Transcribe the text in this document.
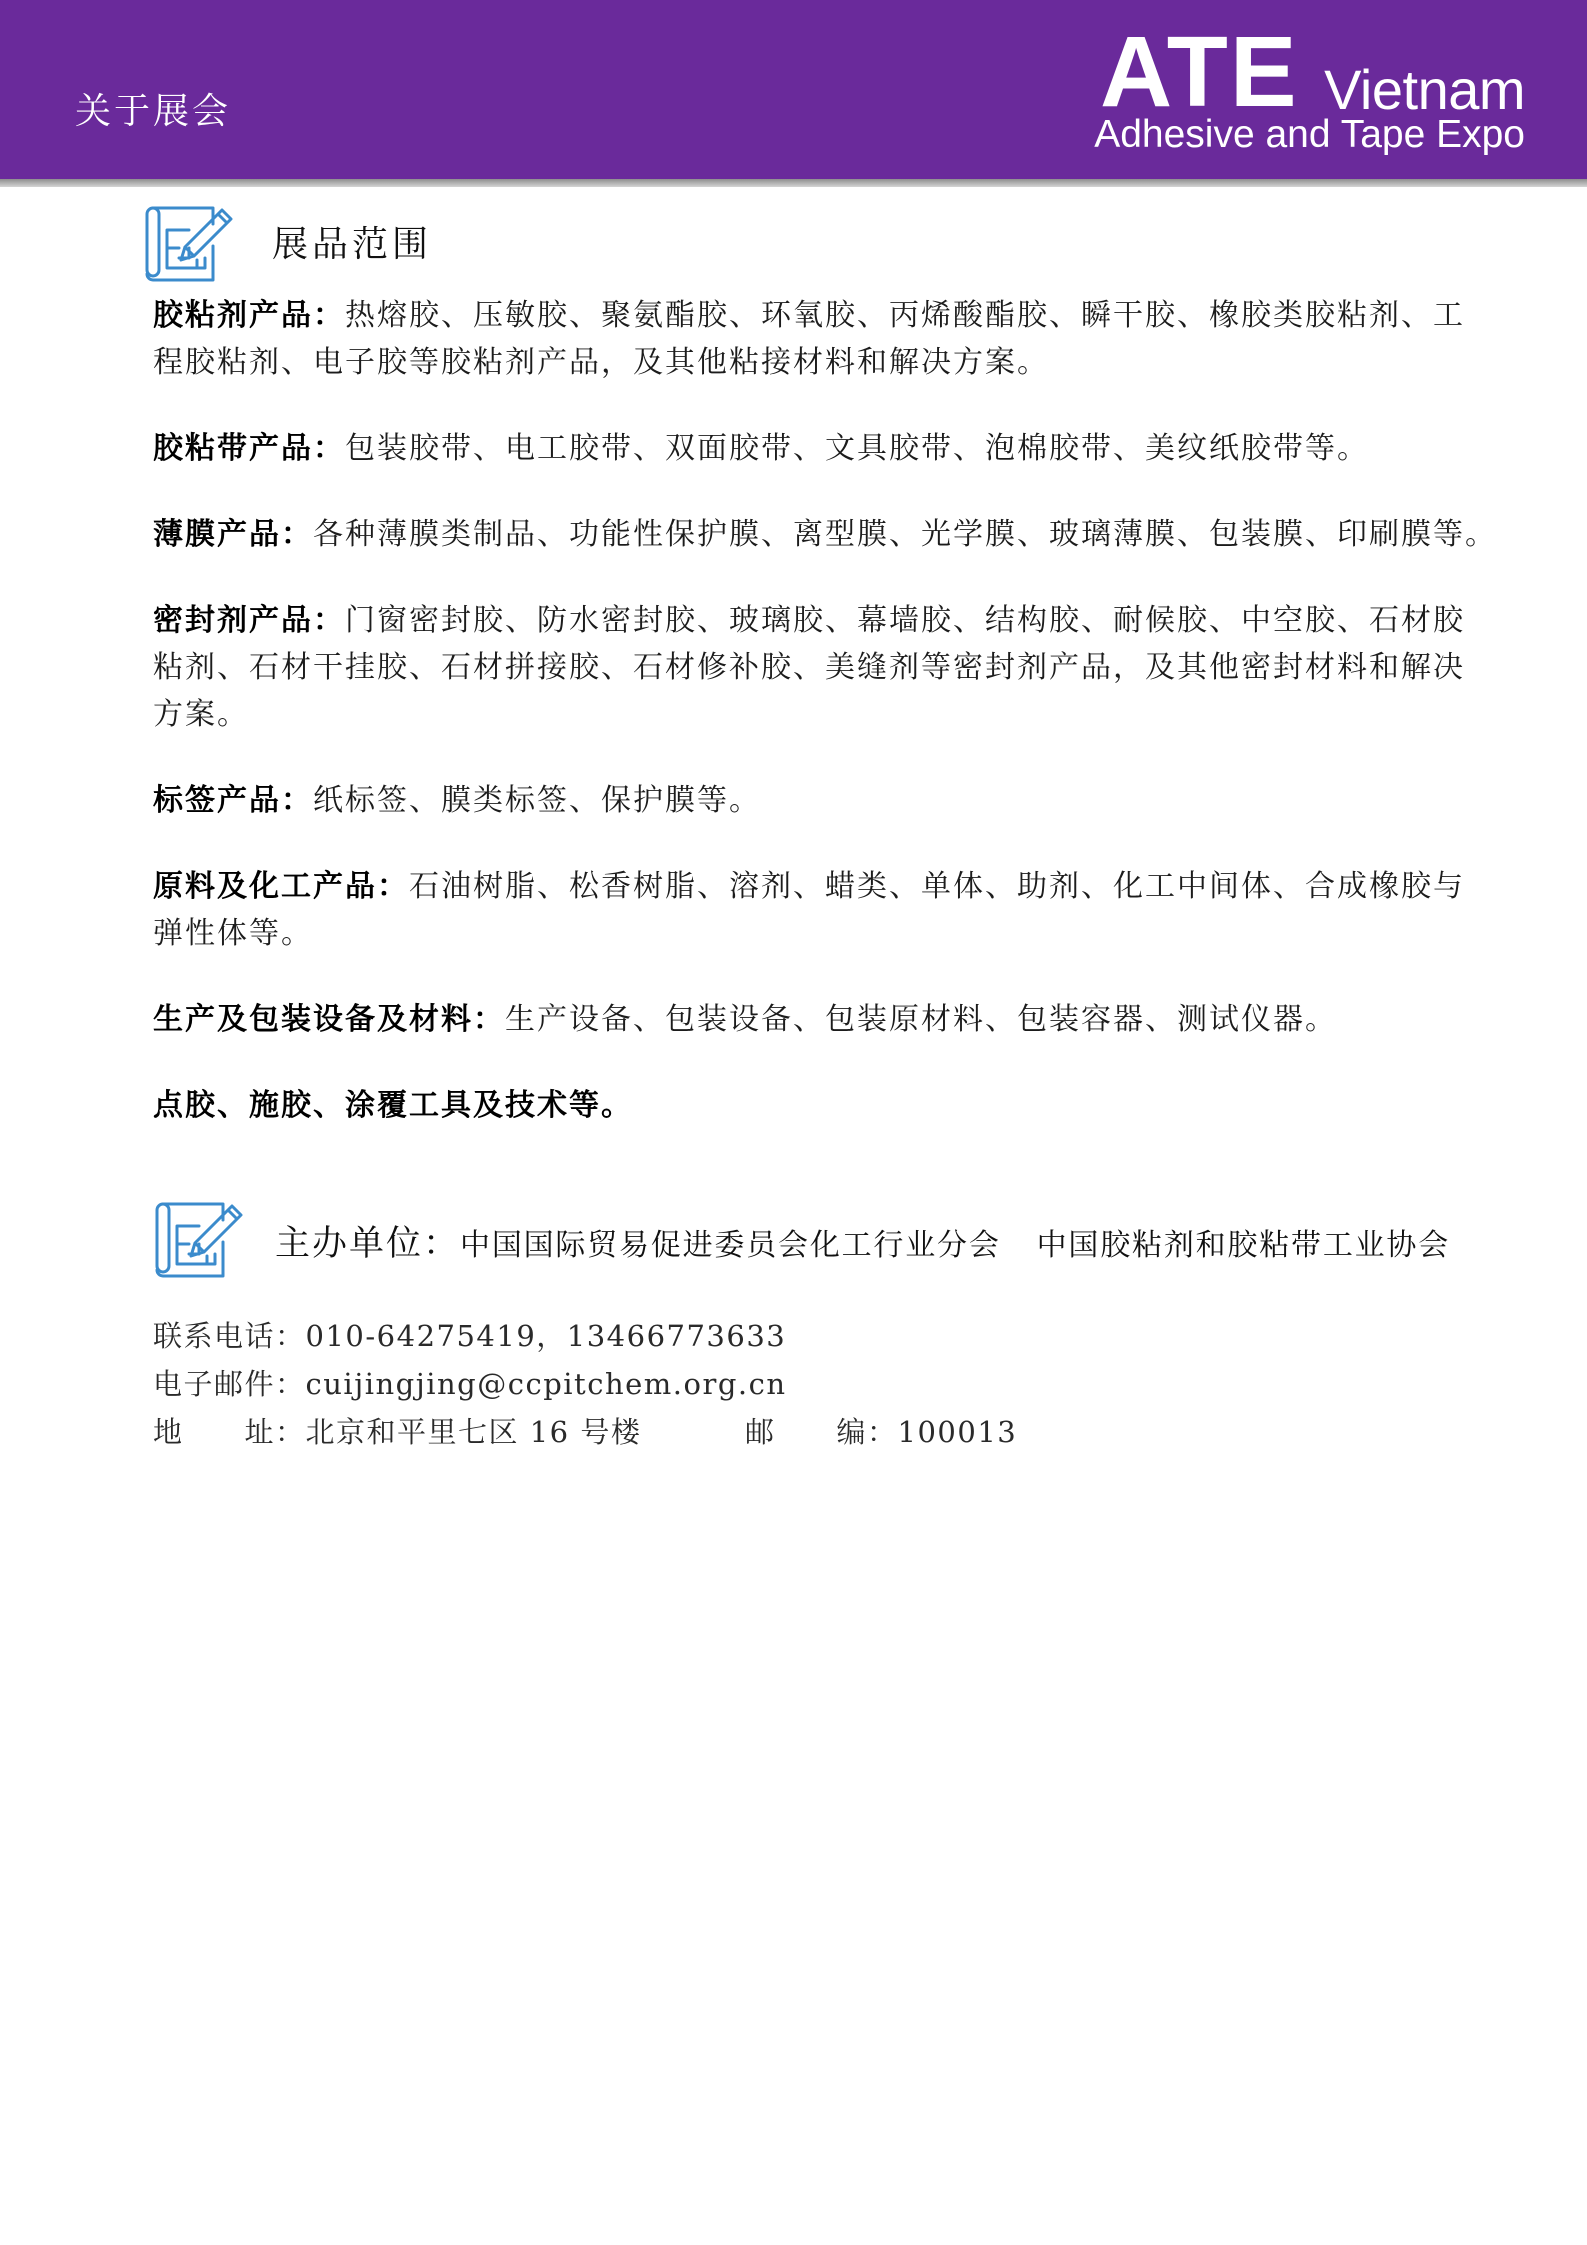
关于展会	ATE Vietnam
Adhesive and Tape Expo
展品范围
胶粘剂产品：热熔胶、压敏胶、聚氨酯胶、环氧胶、丙烯酸酯胶、瞬干胶、橡胶类胶粘剂、工
程胶粘剂、电子胶等胶粘剂产品，及其他粘接材料和解决方案。
胶粘带产品：包装胶带、电工胶带、双面胶带、文具胶带、泡棉胶带、美纹纸胶带等。
薄膜产品：各种薄膜类制品、功能性保护膜、离型膜、光学膜、玻璃薄膜、包装膜、印刷膜等。
密封剂产品：门窗密封胶、防水密封胶、玻璃胶、幕墙胶、结构胶、耐候胶、中空胶、石材胶
粘剂、石材干挂胶、石材拼接胶、石材修补胶、美缝剂等密封剂产品，及其他密封材料和解决
方案。
标签产品：纸标签、膜类标签、保护膜等。
原料及化工产品：石油树脂、松香树脂、溶剂、蜡类、单体、助剂、化工中间体、合成橡胶与
弹性体等。
生产及包装设备及材料：生产设备、包装设备、包装原材料、包装容器、测试仪器。
点胶、施胶、涂覆工具及技术等。
主办单位：中国国际贸易促进委员会化工行业分会 中国胶粘剂和胶粘带工业协会
联系电话：010-64275419，13466773633
电子邮件：cuijingjing@ccpitchem.org.cn
地　　址：北京和平里七区 16 号楼	邮　　编：100013
